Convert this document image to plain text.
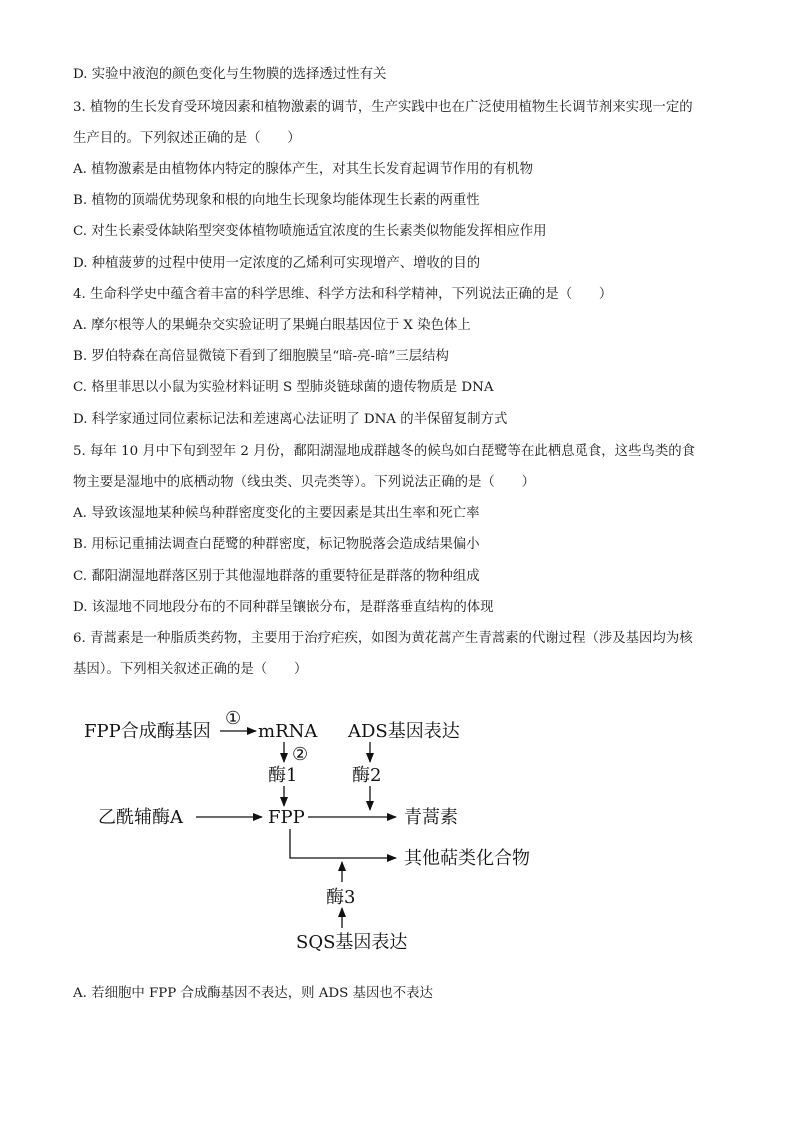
D. 实验中液泡的颜色变化与生物膜的选择透过性有关
3. 植物的生长发育受环境因素和植物激素的调节，生产实践中也在广泛使用植物生长调节剂来实现一定的
生产目的。下列叙述正确的是（　　）
A. 植物激素是由植物体内特定的腺体产生，对其生长发育起调节作用的有机物
B. 植物的顶端优势现象和根的向地生长现象均能体现生长素的两重性
C. 对生长素受体缺陷型突变体植物喷施适宜浓度的生长素类似物能发挥相应作用
D. 种植菠萝的过程中使用一定浓度的乙烯利可实现增产、增收的目的
4. 生命科学史中蕴含着丰富的科学思维、科学方法和科学精神，下列说法正确的是（　　）
A. 摩尔根等人的果蝇杂交实验证明了果蝇白眼基因位于 X 染色体上
B. 罗伯特森在高倍显微镜下看到了细胞膜呈“暗-亮-暗”三层结构
C. 格里菲思以小鼠为实验材料证明 S 型肺炎链球菌的遗传物质是 DNA
D. 科学家通过同位素标记法和差速离心法证明了 DNA 的半保留复制方式
5. 每年 10 月中下旬到翌年 2 月份，鄱阳湖湿地成群越冬的候鸟如白琵鹭等在此栖息觅食，这些鸟类的食
物主要是湿地中的底栖动物（线虫类、贝壳类等）。下列说法正确的是（　　）
A. 导致该湿地某种候鸟种群密度变化的主要因素是其出生率和死亡率
B. 用标记重捕法调查白琵鹭的种群密度，标记物脱落会造成结果偏小
C. 鄱阳湖湿地群落区别于其他湿地群落的重要特征是群落的物种组成
D. 该湿地不同地段分布的不同种群呈镶嵌分布，是群落垂直结构的体现
6. 青蒿素是一种脂质类药物，主要用于治疗疟疾，如图为黄花蒿产生青蒿素的代谢过程（涉及基因均为核
基因）。下列相关叙述正确的是（　　）
A. 若细胞中 FPP 合成酶基因不表达，则 ADS 基因也不表达
FPP合成酶基因
①
mRNA ADS基因表达
②
酶1	酶2
乙酰辅酶A	FPP	青蒿素
其他萜类化合物
酶3
SQS基因表达
